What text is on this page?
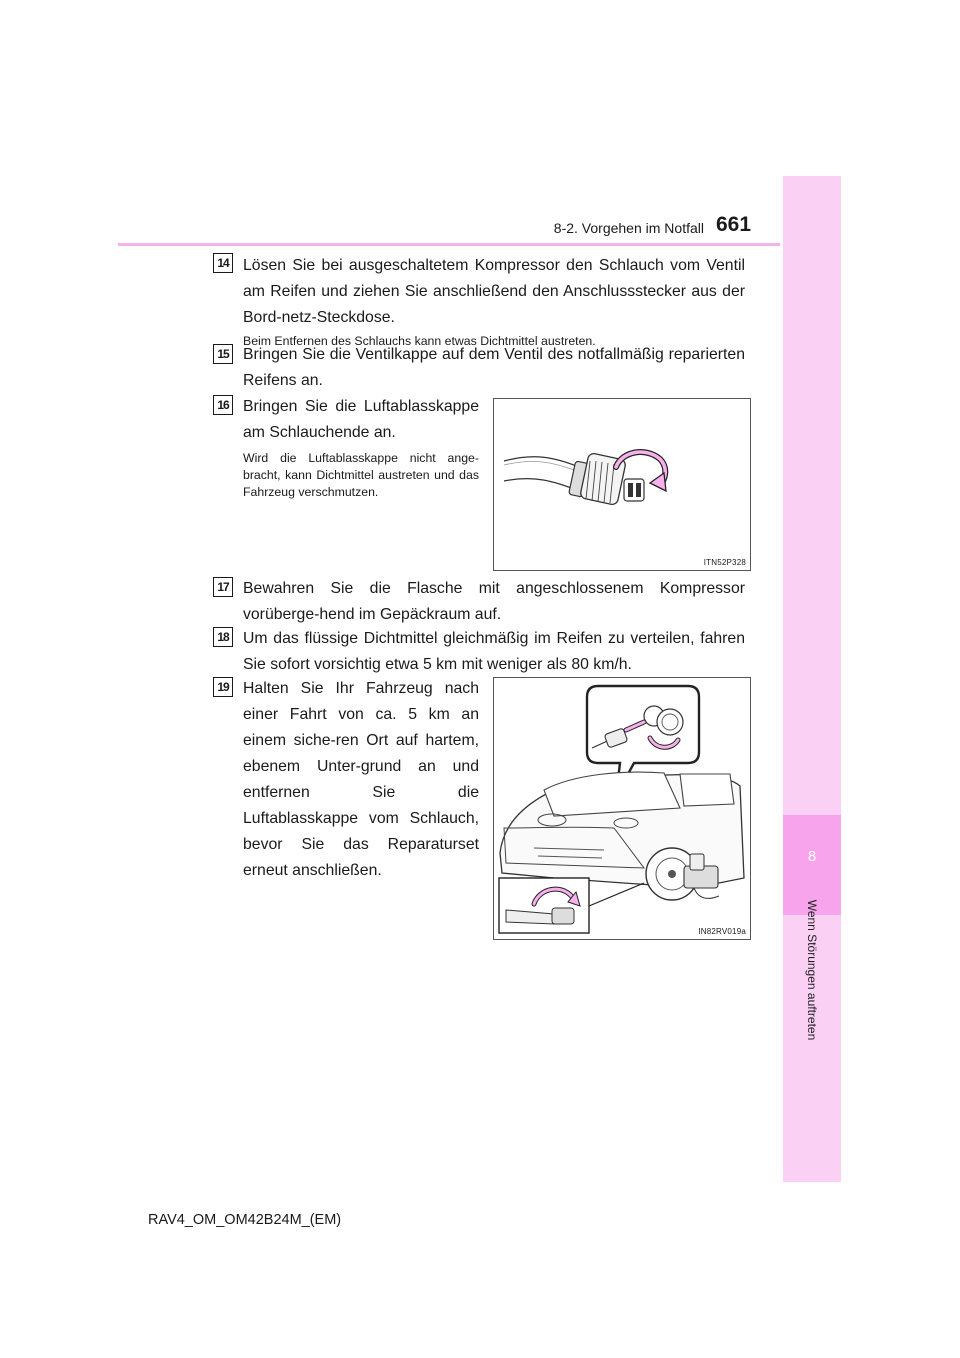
8-2. Vorgehen im Notfall 661
8
Wenn Störungen auftreten
14 Lösen Sie bei ausgeschaltetem Kompressor den Schlauch vom Ventil am Reifen und ziehen Sie anschließend den Anschlussstecker aus der Bord-netz-Steckdose.
Beim Entfernen des Schlauchs kann etwas Dichtmittel austreten.
15 Bringen Sie die Ventilkappe auf dem Ventil des notfallmäßig reparierten Reifens an.
16 Bringen Sie die Luftablasskappe am Schlauchende an.
Wird die Luftablasskappe nicht ange-bracht, kann Dichtmittel austreten und das Fahrzeug verschmutzen.
ITN52P328
17 Bewahren Sie die Flasche mit angeschlossenem Kompressor vorüberge-hend im Gepäckraum auf.
18 Um das flüssige Dichtmittel gleichmäßig im Reifen zu verteilen, fahren Sie sofort vorsichtig etwa 5 km mit weniger als 80 km/h.
19 Halten Sie Ihr Fahrzeug nach einer Fahrt von ca. 5 km an einem siche-ren Ort auf hartem, ebenem Unter-grund an und entfernen Sie die Luftablasskappe vom Schlauch, bevor Sie das Reparaturset erneut anschließen.
IN82RV019a
RAV4_OM_OM42B24M_(EM)
